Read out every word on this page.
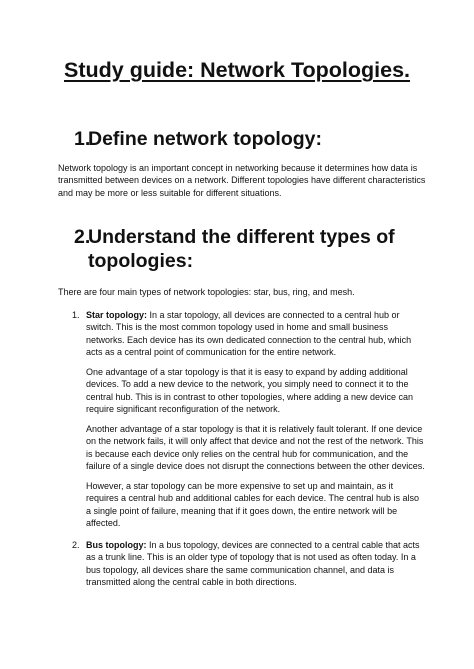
Study guide: Network Topologies.
1.
Define network topology:
Network topology is an important concept in networking because it determines how data is
transmitted between devices on a network. Different topologies have different characteristics
and may be more or less suitable for different situations.
2.
Understand the different types of
topologies:
There are four main types of network topologies: star, bus, ring, and mesh.
1. Star topology: In a star topology, all devices are connected to a central hub or
switch. This is the most common topology used in home and small business
networks. Each device has its own dedicated connection to the central hub, which
acts as a central point of communication for the entire network.
One advantage of a star topology is that it is easy to expand by adding additional
devices. To add a new device to the network, you simply need to connect it to the
central hub. This is in contrast to other topologies, where adding a new device can
require significant reconfiguration of the network.
Another advantage of a star topology is that it is relatively fault tolerant. If one device
on the network fails, it will only affect that device and not the rest of the network. This
is because each device only relies on the central hub for communication, and the
failure of a single device does not disrupt the connections between the other devices.
However, a star topology can be more expensive to set up and maintain, as it
requires a central hub and additional cables for each device. The central hub is also
a single point of failure, meaning that if it goes down, the entire network will be
affected.
2. Bus topology: In a bus topology, devices are connected to a central cable that acts
as a trunk line. This is an older type of topology that is not used as often today. In a
bus topology, all devices share the same communication channel, and data is
transmitted along the central cable in both directions.
